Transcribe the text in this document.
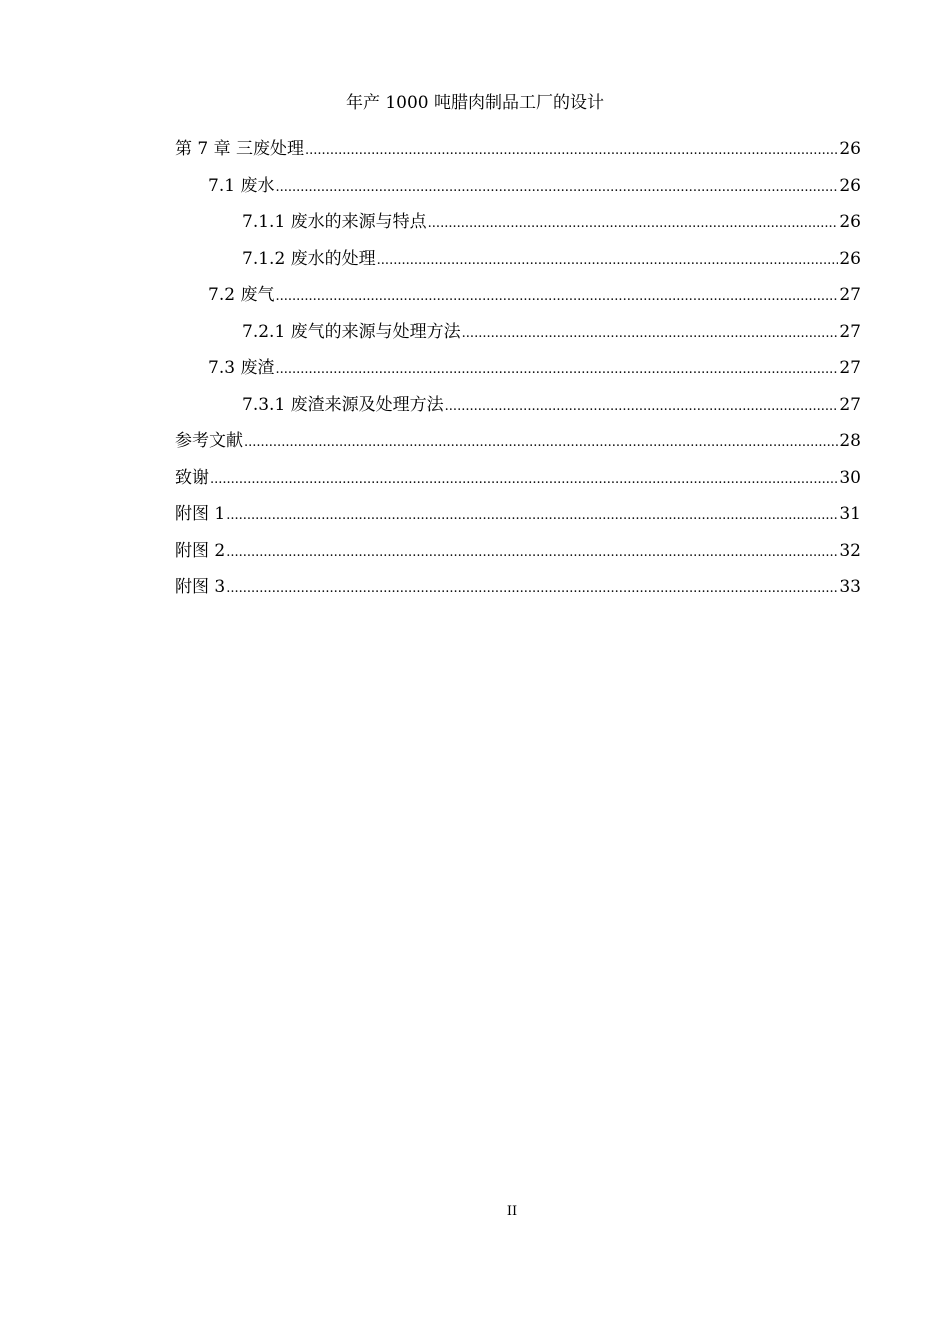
年产 1000 吨腊肉制品工厂的设计
第 7 章 三废处理 .....	26
7.1 废水 .....	26
7.1.1 废水的来源与特点 .....	26
7.1.2 废水的处理 .....	26
7.2 废气 .....	27
7.2.1 废气的来源与处理方法 .....	27
7.3 废渣 .....	27
7.3.1 废渣来源及处理方法 .....	27
参考文献 .....	28
致谢 .....	30
附图 1 .....	31
附图 2 .....	32
附图 3 .....	33
II
